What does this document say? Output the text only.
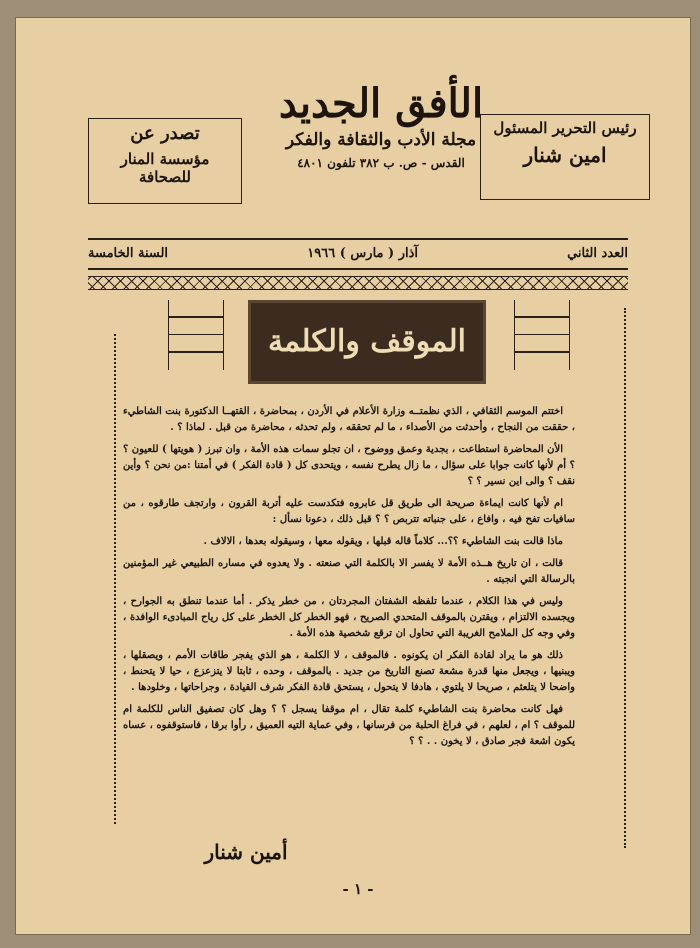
رئيس التحرير المسئول
امين شنار
تصدر عن
مؤسسة المنار للصحافة
الأفق الجديد
مجلة الأدب والثقافة والفكر
القدس - ص. ب ٣٨٢ تلفون ٤٨٠١
العدد الثاني
آذار ( مارس ) ١٩٦٦
السنة الخامسة
الموقف والكلمة

اختتم الموسم الثقافي ، الذي نظمتــه وزارة الأعلام في الأردن ، بمحاضرة ، القتهــا الدكتورة بنت الشاطيء ، حققت من النجاح ، وأحدثت من الأصداء ، ما لم تحققه ، ولم تحدثه ، محاضرة من قبل . لماذا ؟ .

الأن المحاضرة استطاعت ، بجدية وعمق ووضوح ، ان تجلو سمات هذه الأمة ، وان تبرز ( هويتها ) للعيون ؟ ؟ أم لأنها كانت جوابا على سؤال ، ما زال يطرح نفسه ، ويتحدى كل ( قادة الفكر ) في أمتنا :من نحن ؟ وأين نقف ؟ والى اين نسير ؟ ؟

ام لأنها كانت ايماءة صريحة الى طريق قل عابروه فتكدست عليه أتربة القرون ، وارتجف طارقوه ، من سافيات تفح فيه ، وافاع ، على جنباته تتربص ؟ ؟ قبل ذلك ، دعونا نسأل :

ماذا قالت بنت الشاطيء ؟؟... كلاماً قاله قبلها ، ويقوله معها ، وسيقوله بعدها ، الالاف .

قالت ، ان تاريخ هــذه الأمة لا يفسر الا بالكلمة التي صنعته . ولا يعدوه في مساره الطبيعي غير المؤمنين بالرسالة التي انجبته .

وليس في هذا الكلام ، عندما تلفظه الشفتان المجردتان ، من خطر يذكر . أما عندما تنطق به الجوارح ، ويجسده الالتزام ، ويقترن بالموقف المتحدي الصريح ، فهو الخطر كل الخطر على كل رياح المبادىء الوافدة ، وفي وجه كل الملامح الغريبة التي تحاول ان ترقع شخصية هذه الأمة .

ذلك هو ما يراد لقادة الفكر ان يكونوه . فالموقف ، لا الكلمة ، هو الذي يفجر طاقات الأمم ، ويصقلها ، ويبنيها ، ويجعل منها قدرة مشعة تصنع التاريخ من جديد . بالموقف ، وحده ، ثابتا لا يتزعزع ، حيا لا يتحنط ، واضحا لا يتلعثم ، صريحا لا يلتوي ، هادفا لا يتحول ، يستحق قادة الفكر شرف القيادة ، وجراحاتها ، وخلودها .

فهل كانت محاضرة بنت الشاطيء كلمة تقال ، ام موقفا يسجل ؟ ؟ وهل كان تصفيق الناس للكلمة ام للموقف ؟ ام ، لعلهم ، في فراغ الحلبة من فرسانها ، وفي عماية التيه العميق ، رأوا برقا ، فاستوقفوه ، عساه يكون اشعة فجر صادق ، لا يخون . . ؟ ؟

أمين شنار
- ١ -
